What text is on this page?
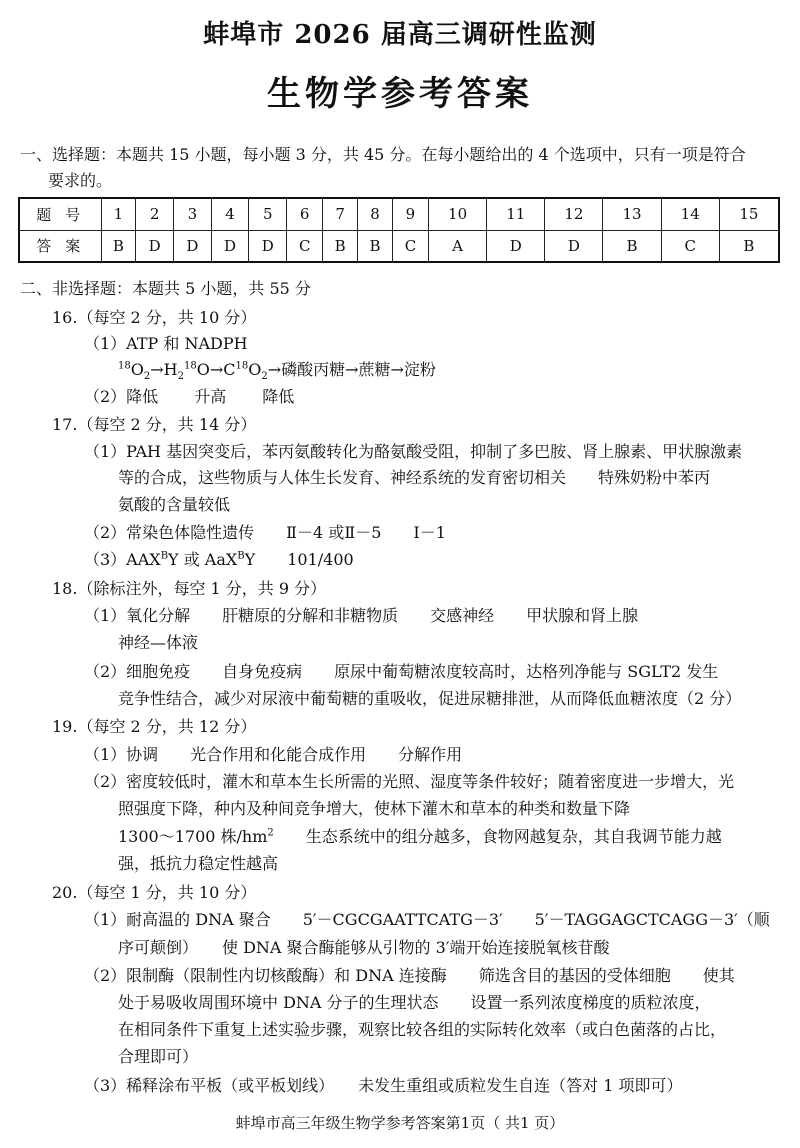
蚌埠市 2026 届高三调研性监测
生物学参考答案
一、选择题：本题共 15 小题，每小题 3 分，共 45 分。在每小题给出的 4 个选项中，只有一项是符合
要求的。
题号	1	2	3	4	5	6	7	8	9	10	11	12	13	14	15
答案	B	D	D	D	D	C	B	B	C	A	D	D	B	C	B
二、非选择题：本题共 5 小题，共 55 分
16.（每空 2 分，共 10 分）
（1）ATP 和 NADPH
$^{18}O_2\to H_2^{18}O\to C^{18}O_2\to$磷酸丙糖→蔗糖→淀粉
（2）降低 升高 降低
17.（每空 2 分，共 14 分）
（1）PAH 基因突变后，苯丙氨酸转化为酪氨酸受阻，抑制了多巴胺、肾上腺素、甲状腺激素
等的合成，这些物质与人体生长发育、神经系统的发育密切相关　　特殊奶粉中苯丙
氨酸的含量较低
（2）常染色体隐性遗传　　Ⅱ－4 或Ⅱ－5　　Ⅰ－1
$(3)AAX^BY$ 或 AaX$^B$Y　　101/400
18.（除标注外，每空 1 分，共 9 分）
（1）氧化分解　　肝糖原的分解和非糖物质　　交感神经　　甲状腺和肾上腺
神经—体液
（2）细胞免疫　　自身免疫病　　原尿中葡萄糖浓度较高时，达格列净能与 SGLT2 发生
竞争性结合，减少对尿液中葡萄糖的重吸收，促进尿糖排泄，从而降低血糖浓度（2 分）
19.（每空 2 分，共 12 分）
（1）协调　　光合作用和化能合成作用　　分解作用
（2）密度较低时，灌木和草本生长所需的光照、湿度等条件较好；随着密度进一步增大，光
照强度下降，种内及种间竞争增大，使林下灌木和草本的种类和数量下降
1300～1700 株$/hm^2$　　生态系统中的组分越多，食物网越复杂，其自我调节能力越
强，抵抗力稳定性越高
20.（每空 1 分，共 10 分）
（1）耐高温的 DNA 聚合　　5′－CGCGAATTCATG－3′　　5′－TAGGAGCTCAGG－3′（顺
序可颠倒）　　使 DNA 聚合酶能够从引物的 3′端开始连接脱氧核苷酸
（2）限制酶（限制性内切核酸酶）和 DNA 连接酶　　筛选含目的基因的受体细胞　　使其
处于易吸收周围环境中 DNA 分子的生理状态　　设置一系列浓度梯度的质粒浓度，
在相同条件下重复上述实验步骤，观察比较各组的实际转化效率（或白色菌落的占比，
合理即可）
（3）稀释涂布平板（或平板划线）　　未发生重组或质粒发生自连（答对 1 项即可）
蚌埠市高三年级生物学参考答案第1页（ 共1 页）
